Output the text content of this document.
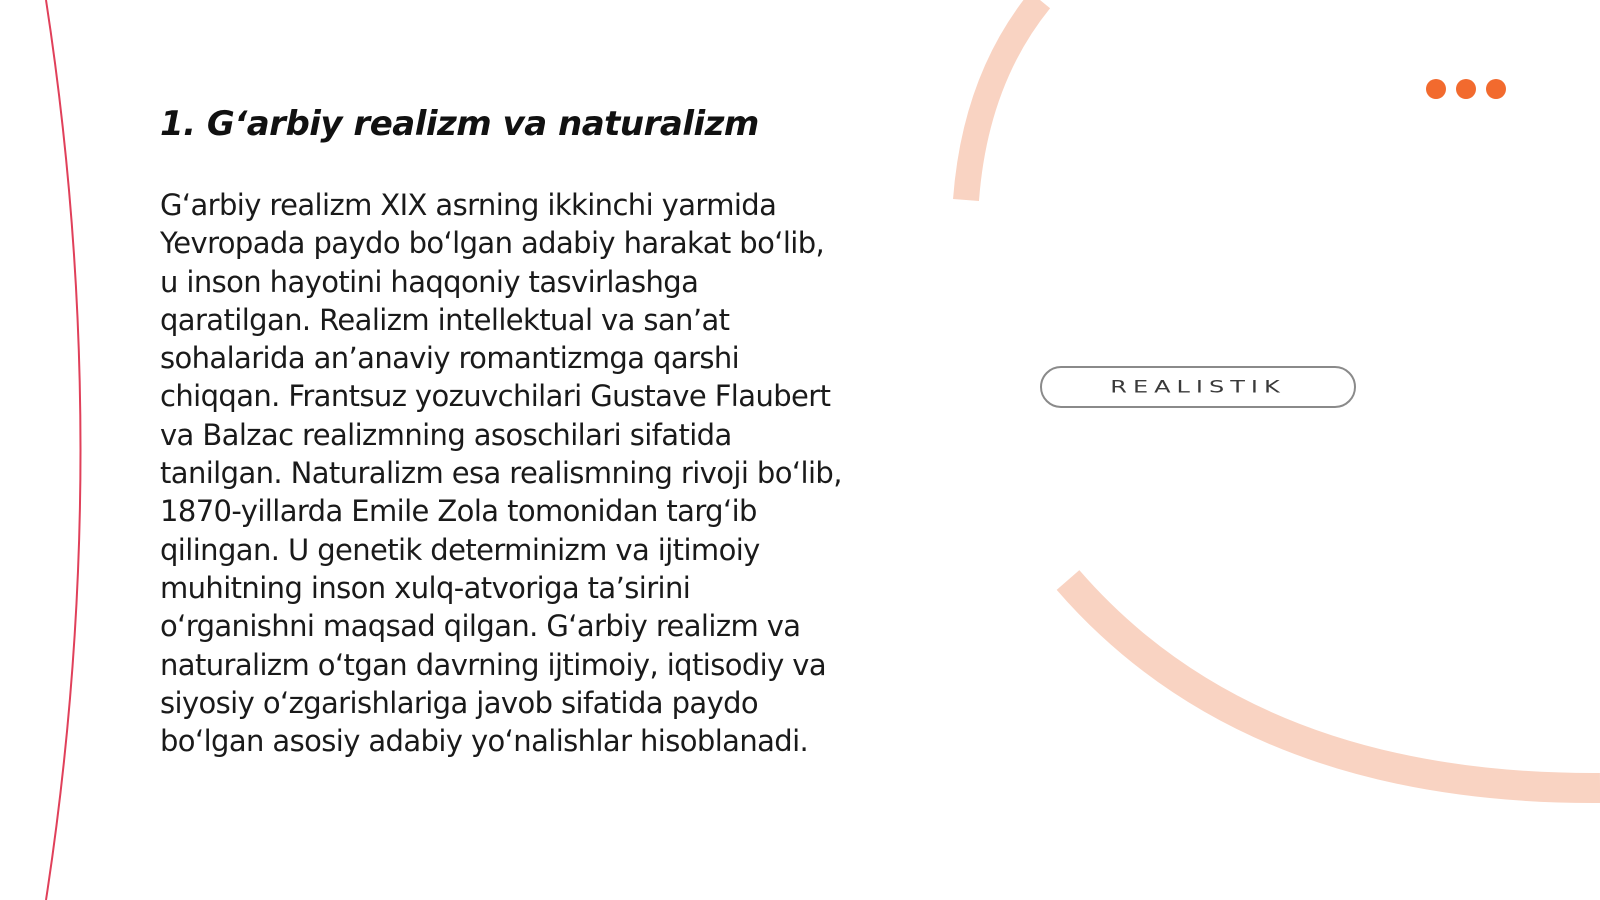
1. G‘arbiy realizm va naturalizm

G‘arbiy realizm XIX asrning ikkinchi yarmida Yevropada paydo bo‘lgan adabiy harakat bo‘lib, u inson hayotini haqqoniy tasvirlashga qaratilgan. Realizm intellektual va san’at sohalarida an’anaviy romantizmga qarshi chiqqan. Frantsuz yozuvchilari Gustave Flaubert va Balzac realizmning asoschilari sifatida tanilgan. Naturalizm esa realismning rivoji bo‘lib, 1870-yillarda Emile Zola tomonidan targ‘ib qilingan. U genetik determinizm va ijtimoiy muhitning inson xulq-atvoriga ta’sirini o‘rganishni maqsad qilgan. G‘arbiy realizm va naturalizm o‘tgan davrning ijtimoiy, iqtisodiy va siyosiy o‘zgarishlariga javob sifatida paydo bo‘lgan asosiy adabiy yo‘nalishlar hisoblanadi.

REALISTIK
